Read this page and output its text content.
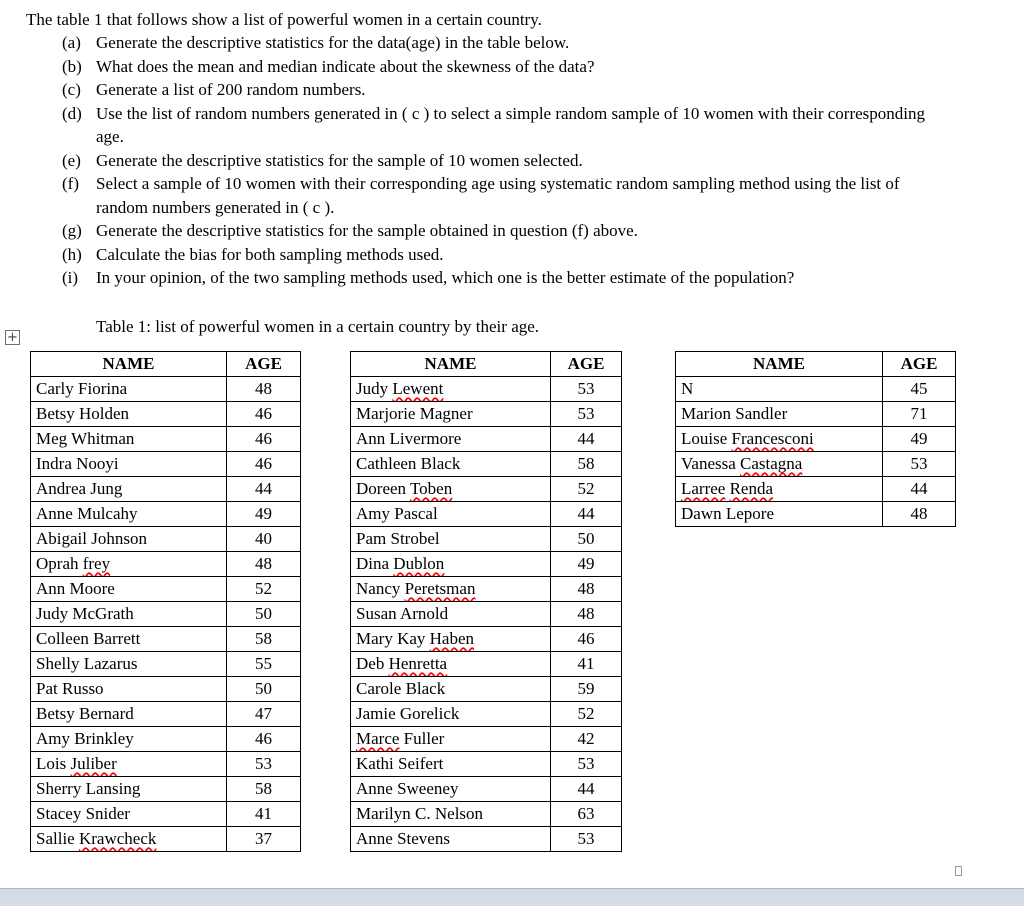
The table 1 that follows show a list of powerful women in a certain country.

(a) Generate the descriptive statistics for the data(age) in the table below.
(b) What does the mean and median indicate about the skewness of the data?
(c) Generate a list of 200 random numbers.
(d) Use the list of random numbers generated in ( c ) to select a simple random sample of 10 women with their corresponding age.
(e) Generate the descriptive statistics for the sample of 10 women selected.
(f)	Select a sample of 10 women with their corresponding age using systematic random sampling method using the list of random numbers generated in ( c ).
(g) Generate the descriptive statistics for the sample obtained in question (f) above.
(h) Calculate the bias for both sampling methods used.
(i)	In your opinion, of the two sampling methods used, which one is the better estimate of the population?

Table 1: list of powerful women in a certain country by their age.

+
NAME	AGE
Carly Fiorina	48
Betsy Holden	46
Meg Whitman	46
Indra Nooyi	46
Andrea Jung	44
Anne Mulcahy	49
Abigail Johnson	40
Oprah frey	48
Ann Moore	52
Judy McGrath	50
Colleen Barrett	58
Shelly Lazarus	55
Pat Russo	50
Betsy Bernard	47
Amy Brinkley	46
Lois Juliber	53
Sherry Lansing	58
Stacey Snider	41
Sallie Krawcheck	37
NAME	AGE
Judy Lewent	53
Marjorie Magner	53
Ann Livermore	44
Cathleen Black	58
Doreen Toben	52
Amy Pascal	44
Pam Strobel	50
Dina Dublon	49
Nancy Peretsman	48
Susan Arnold	48
Mary Kay Haben	46
Deb Henretta	41
Carole Black	59
Jamie Gorelick	52
Marce Fuller	42
Kathi Seifert	53
Anne Sweeney	44
Marilyn C. Nelson	63
Anne Stevens	53
NAME	AGE
N	45
Marion Sandler	71
Louise Francesconi	49
Vanessa Castagna	53
Larree Renda	44
Dawn Lepore	48
